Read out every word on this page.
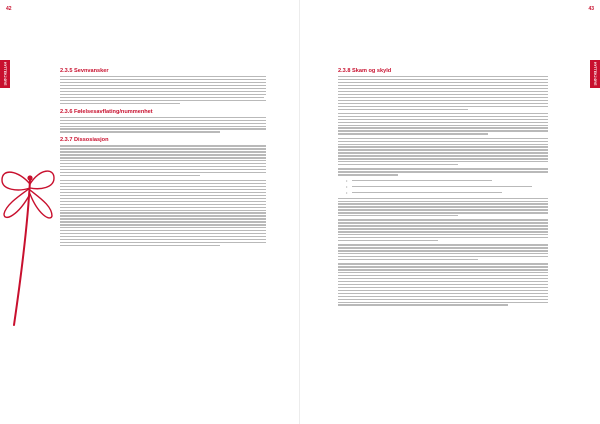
42
HYTTEKJ ØYE	2.3.5 Sevnvansker
2.3.6 Følelsesavflating/nummenhet
2.3.7 Dissosiasjon
43
HYTTEKJ ØYE
2.3.8 Skam og skyld
•
•
•
